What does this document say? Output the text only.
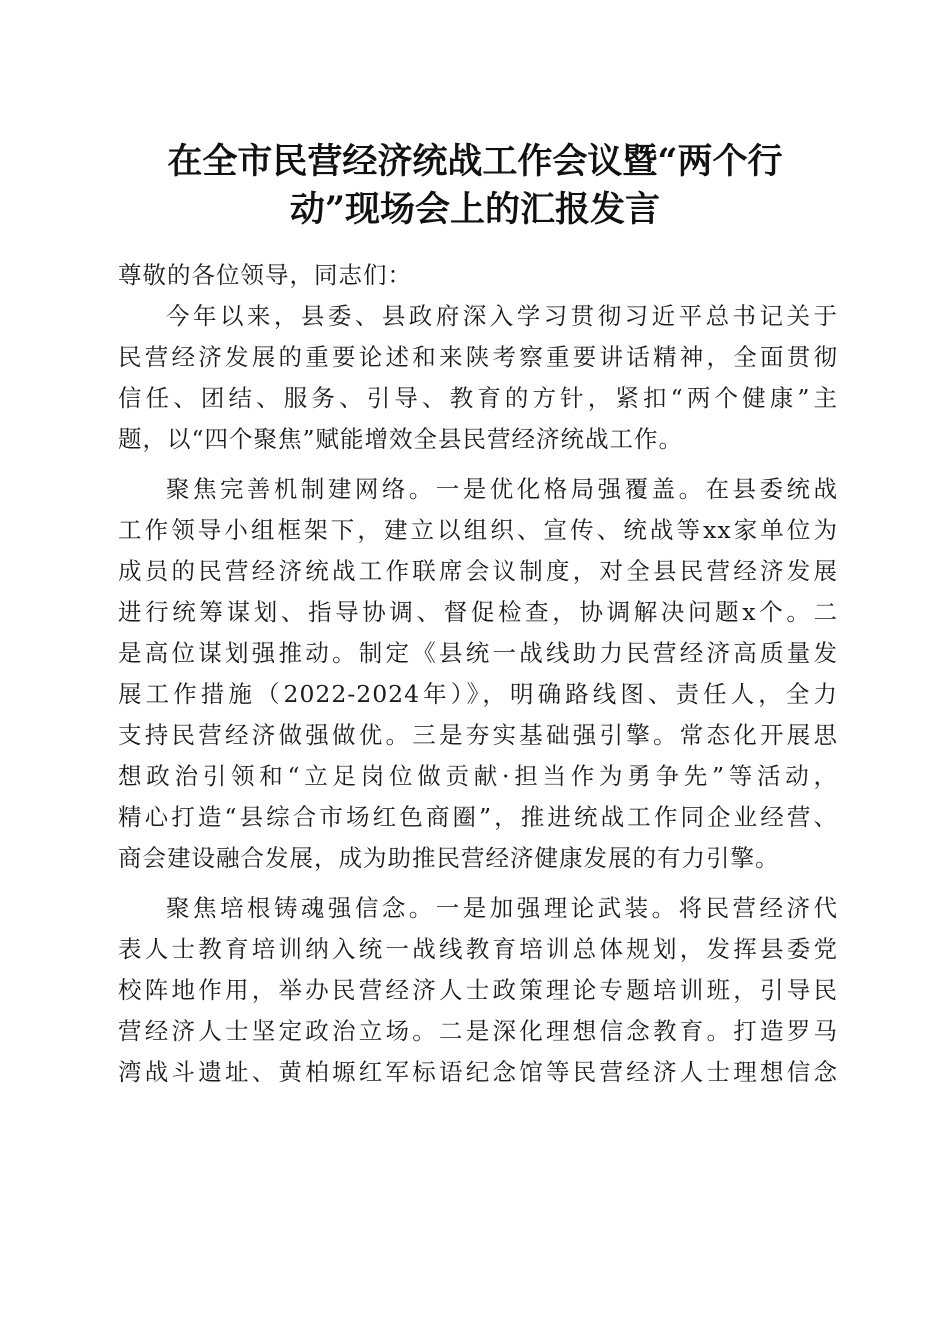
在全市民营经济统战工作会议暨“两个行
动”现场会上的汇报发言

尊敬的各位领导，同志们：

今年以来，县委、县政府深入学习贯彻习近平总书记关于
民营经济发展的重要论述和来陕考察重要讲话精神，全面贯彻
信任、团结、服务、引导、教育的方针，紧扣“两个健康”主
题，以“四个聚焦”赋能增效全县民营经济统战工作。

聚焦完善机制建网络。一是优化格局强覆盖。在县委统战
工作领导小组框架下，建立以组织、宣传、统战等xx家单位为
成员的民营经济统战工作联席会议制度，对全县民营经济发展
进行统筹谋划、指导协调、督促检查，协调解决问题x个。二
是高位谋划强推动。制定《县统一战线助力民营经济高质量发
展工作措施（2022-2024年）》，明确路线图、责任人，全力
支持民营经济做强做优。三是夯实基础强引擎。常态化开展思
想政治引领和“立足岗位做贡献·担当作为勇争先”等活动，
精心打造“县综合市场红色商圈”，推进统战工作同企业经营、
商会建设融合发展，成为助推民营经济健康发展的有力引擎。

聚焦培根铸魂强信念。一是加强理论武装。将民营经济代
表人士教育培训纳入统一战线教育培训总体规划，发挥县委党
校阵地作用，举办民营经济人士政策理论专题培训班，引导民
营经济人士坚定政治立场。二是深化理想信念教育。打造罗马
湾战斗遗址、黄柏塬红军标语纪念馆等民营经济人士理想信念
